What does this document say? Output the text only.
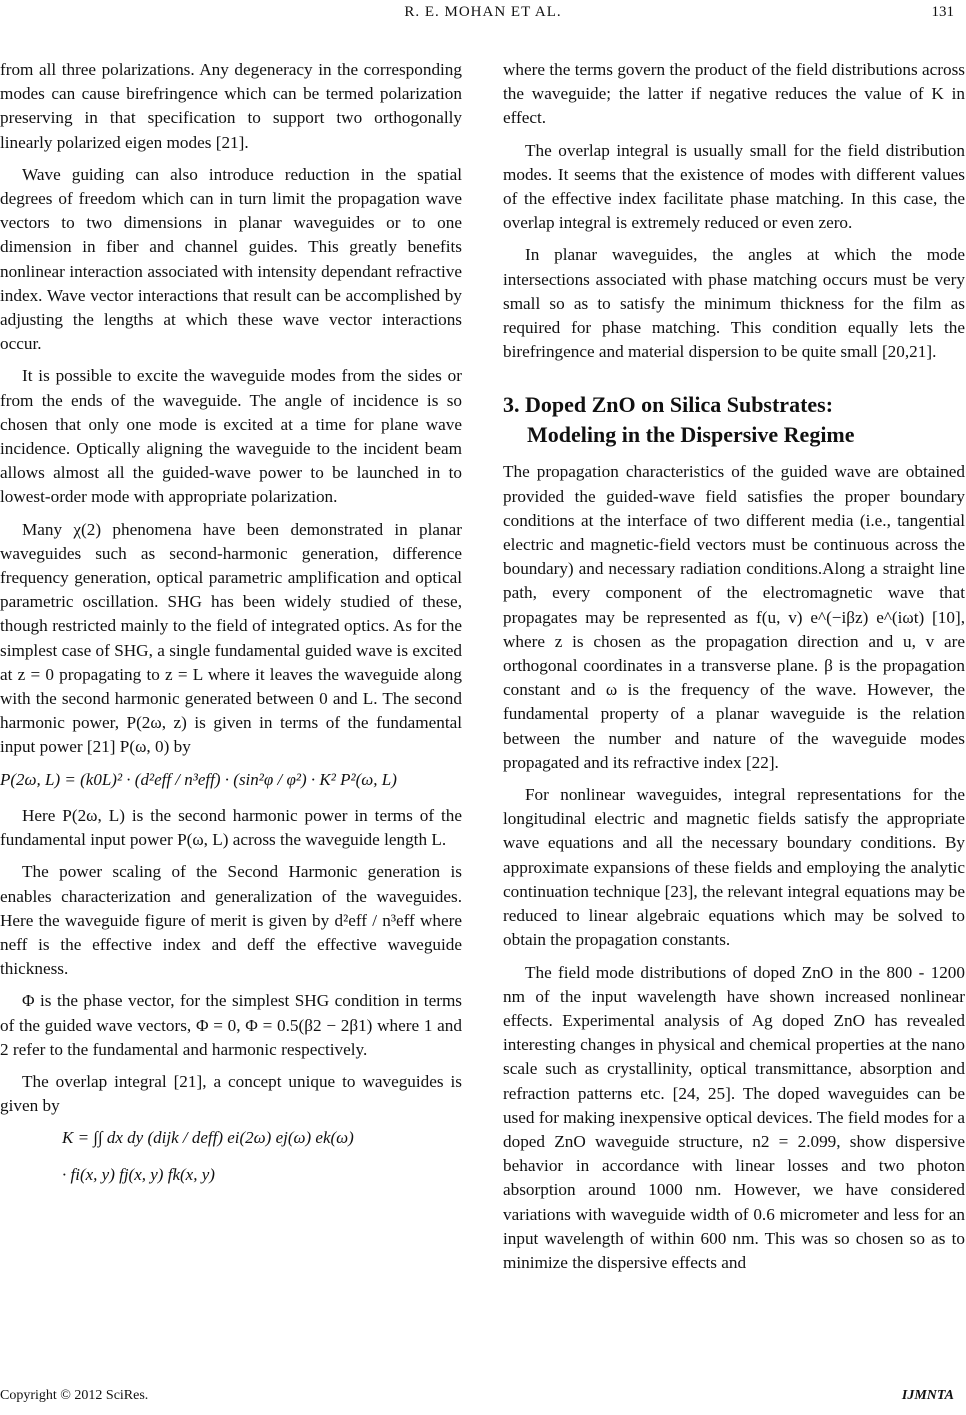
R. E. MOHAN ET AL.	131

from all three polarizations. Any degeneracy in the corresponding modes can cause birefringence which can be termed polarization preserving in that specification to support two orthogonally linearly polarized eigen modes [21].

Wave guiding can also introduce reduction in the spatial degrees of freedom which can in turn limit the propagation wave vectors to two dimensions in planar waveguides or to one dimension in fiber and channel guides. This greatly benefits nonlinear interaction associated with intensity dependant refractive index. Wave vector interactions that result can be accomplished by adjusting the lengths at which these wave vector interactions occur.

It is possible to excite the waveguide modes from the sides or from the ends of the waveguide. The angle of incidence is so chosen that only one mode is excited at a time for plane wave incidence. Optically aligning the waveguide to the incident beam allows almost all the guided-wave power to be launched in to lowest-order mode with appropriate polarization.

Many χ(2) phenomena have been demonstrated in planar waveguides such as second-harmonic generation, difference frequency generation, optical parametric amplification and optical parametric oscillation. SHG has been widely studied of these, though restricted mainly to the field of integrated optics. As for the simplest case of SHG, a single fundamental guided wave is excited at z = 0 propagating to z = L where it leaves the waveguide along with the second harmonic generated between 0 and L. The second harmonic power, P(2ω, z) is given in terms of the fundamental input power [21] P(ω, 0) by

P(2ω, L) = (k0L)² · (d²eff / n³eff) · (sin²φ / φ²) · K² P²(ω, L)

Here P(2ω, L) is the second harmonic power in terms of the fundamental input power P(ω, L) across the waveguide length L.

The power scaling of the Second Harmonic generation is enables characterization and generalization of the waveguides. Here the waveguide figure of merit is given by d²eff / n³eff where neff is the effective index and deff the effective waveguide thickness.

Φ is the phase vector, for the simplest SHG condition in terms of the guided wave vectors, Φ = 0, Φ = 0.5(β2 − 2β1) where 1 and 2 refer to the fundamental and harmonic respectively.

The overlap integral [21], a concept unique to waveguides is given by

K = ∫∫ dx dy (dijk / deff) ei(2ω) ej(ω) ek(ω)
· fi(x, y) fj(x, y) fk(x, y)

where the terms govern the product of the field distributions across the waveguide; the latter if negative reduces the value of K in effect.

The overlap integral is usually small for the field distribution modes. It seems that the existence of modes with different values of the effective index facilitate phase matching. In this case, the overlap integral is extremely reduced or even zero.

In planar waveguides, the angles at which the mode intersections associated with phase matching occurs must be very small so as to satisfy the minimum thickness for the film as required for phase matching. This condition equally lets the birefringence and material dispersion to be quite small [20,21].

3. Doped ZnO on Silica Substrates:
Modeling in the Dispersive Regime

The propagation characteristics of the guided wave are obtained provided the guided-wave field satisfies the proper boundary conditions at the interface of two different media (i.e., tangential electric and magnetic-field vectors must be continuous across the boundary) and necessary radiation conditions.Along a straight line path, every component of the electromagnetic wave that propagates may be represented as f(u, v) e^(−iβz) e^(iωt) [10], where z is chosen as the propagation direction and u, v are orthogonal coordinates in a transverse plane. β is the propagation constant and ω is the frequency of the wave. However, the fundamental property of a planar waveguide is the relation between the number and nature of the waveguide modes propagated and its refractive index [22].

For nonlinear waveguides, integral representations for the longitudinal electric and magnetic fields satisfy the appropriate wave equations and all the necessary boundary conditions. By approximate expansions of these fields and employing the analytic continuation technique [23], the relevant integral equations may be reduced to linear algebraic equations which may be solved to obtain the propagation constants.

The field mode distributions of doped ZnO in the 800 - 1200 nm of the input wavelength have shown increased nonlinear effects. Experimental analysis of Ag doped ZnO has revealed interesting changes in physical and chemical properties at the nano scale such as crystallinity, optical transmittance, absorption and refraction patterns etc. [24, 25]. The doped waveguides can be used for making inexpensive optical devices. The field modes for a doped ZnO waveguide structure, n2 = 2.099, show dispersive behavior in accordance with linear losses and two photon absorption around 1000 nm. However, we have considered variations with waveguide width of 0.6 micrometer and less for an input wavelength of within 600 nm. This was so chosen so as to minimize the dispersive effects and

Copyright © 2012 SciRes.	IJMNTA
